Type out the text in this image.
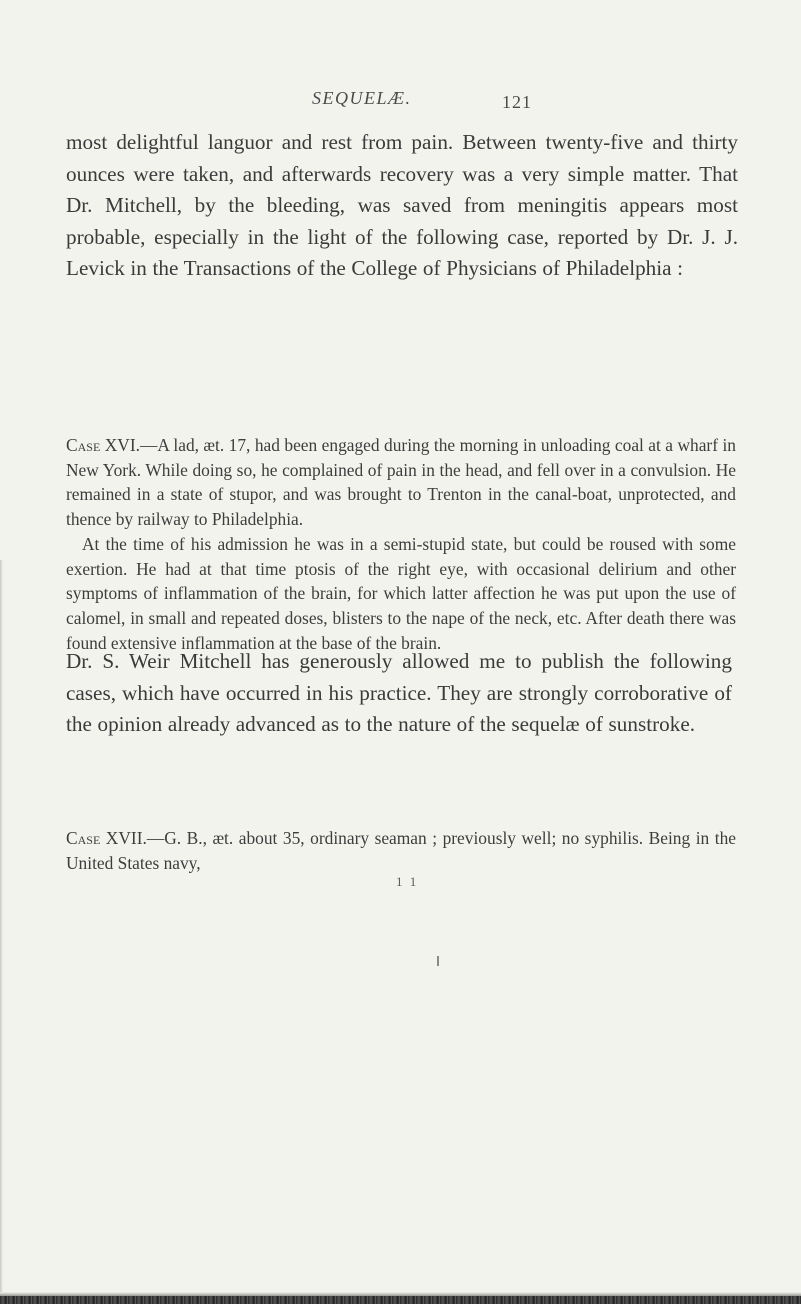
SEQUELÆ.	121

most delightful languor and rest from pain. Between twenty-five and thirty ounces were taken, and afterwards recovery was a very simple matter. That Dr. Mitchell, by the bleeding, was saved from meningitis appears most probable, especially in the light of the following case, reported by Dr. J. J. Levick in the Transactions of the College of Physicians of Philadelphia :

Case XVI.—A lad, æt. 17, had been engaged during the morning in unloading coal at a wharf in New York. While doing so, he complained of pain in the head, and fell over in a convulsion. He remained in a state of stupor, and was brought to Trenton in the canal-boat, unprotected, and thence by railway to Philadelphia.
At the time of his admission he was in a semi-stupid state, but could be roused with some exertion. He had at that time ptosis of the right eye, with occasional delirium and other symptoms of inflammation of the brain, for which latter affection he was put upon the use of calomel, in small and repeated doses, blisters to the nape of the neck, etc. After death there was found extensive inflammation at the base of the brain.

Dr. S. Weir Mitchell has generously allowed me to publish the following cases, which have occurred in his practice. They are strongly corroborative of the opinion already advanced as to the nature of the sequelæ of sunstroke.

Case XVII.—G. B., æt. about 35, ordinary seaman ; previously well; no syphilis. Being in the United States navy,

1 1
